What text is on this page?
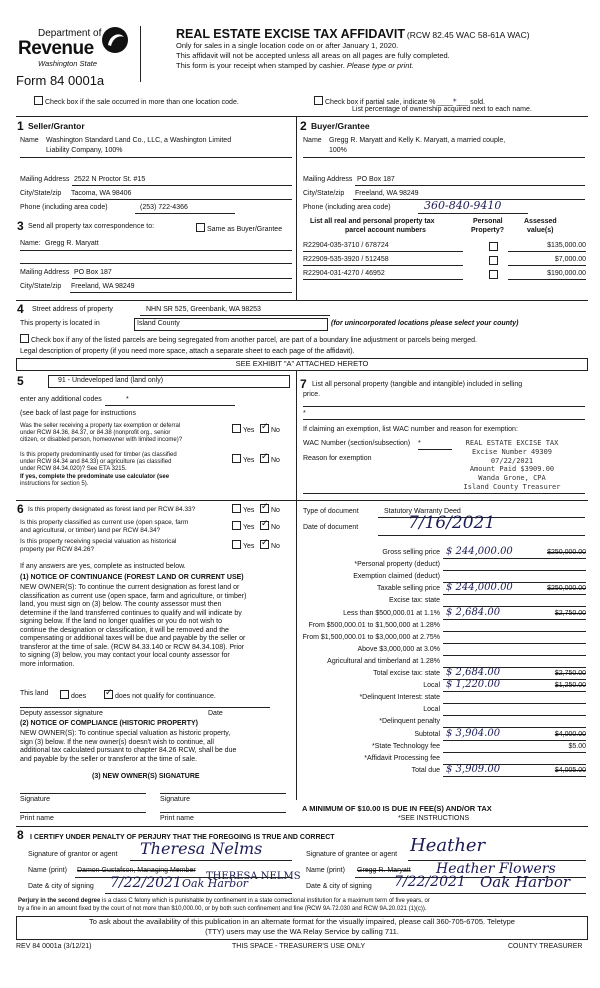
Department of
Revenue
Washington State
Form 84 0001a
REAL ESTATE EXCISE TAX AFFIDAVIT (RCW 82.45 WAC 58-61A WAC)
Only for sales in a single location code on or after January 1, 2020.
This affidavit will not be accepted unless all areas on all pages are fully completed.
This form is your receipt when stamped by cashier. Please type or print.
Check box if the sale occurred in more than one location code.	Check box if partial sale, indicate % ____*___ sold.
List percentage of ownership acquired next to each name.
1 Seller/Grantor
Name Washington Standard Land Co., LLC, a Washington Limited
Liability Company, 100%
Mailing Address 2522 N Proctor St. #15
City/State/zip Tacoma, WA 98406
Phone (including area code)	(253) 722-4366
2 Buyer/Grantee
Name Gregg R. Maryatt and Kelly K. Maryatt, a married couple,
100%
Mailing Address PO Box 187
City/State/zip Freeland, WA 98249
Phone (including area code)	360-840-9410
3 Send all property tax correspondence to:	Same as Buyer/Grantee
Name: Gregg R. Maryatt
Mailing Address PO Box 187
City/State/zip Freeland, WA 98249
List all real and personal property tax
parcel account numbers
Personal
Property?
Assessed
value(s)
R22904-035-3710 / 678724	$135,000.00
R22909-535-3920 / 512458	$7,000.00
R22904-031-4270 / 46952	$190,000.00
4 Street address of property	NHN SR 525, Greenbank, WA 98253
This property is located in	Island County	(for unincorporated locations please select your county)
Check box if any of the listed parcels are being segregated from another parcel, are part of a boundary line adjustment or parcels being merged.
Legal description of property (if you need more space, attach a separate sheet to each page of the affidavit).
SEE EXHIBIT "A" ATTACHED HERETO
5	91 - Undeveloped land (land only)
enter any additional codes	*
(see back of last page for instructions
Was the seller receiving a property tax exemption or deferral
under RCW 84.36, 84.37, or 84.38 (nonprofit org., senior
citizen, or disabled person, homeowner with limited income)?
Yes ✓	No
Is this property predominantly used for timber (as classified
under RCW 84.34 and 84.33) or agriculture (as classified
under RCW 84.34.020)? See ETA 3215.
Yes ✓	No
If yes, complete the predominate use calculator (see
instructions for section 5).
7 List all personal property (tangible and intangible) included in selling
price.
*
If claiming an exemption, list WAC number and reason for exemption:
WAC Number (section/subsection) *
Reason for exemption
REAL ESTATE EXCISE TAX
Excise Number 49309
07/22/2021
Amount Paid $3909.00
Wanda Grone, CPA
Island County Treasurer
6 Is this property designated as forest land per RCW 84.33?	Yes ✓	No
Is this property classified as current use (open space, farm
and agricultural, or timber) land per RCW 84.34?	Yes ✓	No
Is this property receiving special valuation as historical
property per RCW 84.26?	Yes ✓	No
If any answers are yes, complete as instructed below.
(1) NOTICE OF CONTINUANCE (FOREST LAND OR CURRENT USE)
NEW OWNER(S): To continue the current designation as forest land or
classification as current use (open space, farm and agriculture, or timber)
land, you must sign on (3) below. The county assessor must then
determine if the land transferred continues to qualify and will indicate by
signing below. If the land no longer qualifies or you do not wish to
continue the designation or classification, it will be removed and the
compensating or additional taxes will be due and payable by the seller or
transferor at the time of sale. (RCW 84.33.140 or RCW 84.34.108). Prior
to signing (3) below, you may contact your local county assessor for
more information.
This land	does ✓	does not qualify for continuance.
Deputy assessor signature	Date
(2) NOTICE OF COMPLIANCE (HISTORIC PROPERTY)
NEW OWNER(S): To continue special valuation as historic property,
sign (3) below. If the new owner(s) doesn't wish to continue, all
additional tax calculated pursuant to chapter 84.26 RCW, shall be due
and payable by the seller or transferor at the time of sale.
(3) NEW OWNER(S) SIGNATURE
Signature	Signature
Print name	Print name
Type of document	Statutory Warranty Deed
Date of document	7/16/2021
Gross selling price $ 244,000.00	$250,000.00
*Personal property (deduct)
Exemption claimed (deduct)
Taxable selling price $ 244,000.00	$250,000.00
Excise tax: state
Less than $500,000.01 at 1.1% $ 2,684.00	$2,750.00
From $500,000.01 to $1,500,000 at 1.28%
From $1,500,000.01 to $3,000,000 at 2.75%
Above $3,000,000 at 3.0%
Agricultural and timberland at 1.28%
Total excise tax: state $ 2,684.00	$2,750.00
Local $ 1,220.00	$1,250.00
*Delinquent Interest: state
Local
*Delinquent penalty
Subtotal $ 3,904.00	$4,000.00
*State Technology fee	$5.00
*Affidavit Processing fee
Total due $ 3,909.00	$4,005.00
A MINIMUM OF $10.00 IS DUE IN FEE(S) AND/OR TAX
*SEE INSTRUCTIONS
8 I CERTIFY UNDER PENALTY OF PERJURY THAT THE FOREGOING IS TRUE AND CORRECT
Signature of grantor or agent Theresa Nelms	Signature of grantee or agent Heather
Name (print) Damon Gustafson, Managing Member
THERESA NELMS
Name (print) Gregg R. Maryatt Heather Flowers
Date & city of signing 7/22/2021 Oak Harbor	Date & city of signing 7/22/2021 Oak Harbor
Perjury in the second degree is a class C felony which is punishable by confinement in a state correctional institution for a maximum term of five years, or
by a fine in an amount fixed by the court of not more than $10,000.00, or by both such confinement and fine (RCW 9A.72.030 and RCW 9A.20.021 (1)(c)).
To ask about the availability of this publication in an alternate format for the visually impaired, please call 360-705-6705. Teletype
(TTY) users may use the WA Relay Service by calling 711.
REV 84 0001a (3/12/21)	THIS SPACE - TREASURER'S USE ONLY	COUNTY TREASURER
